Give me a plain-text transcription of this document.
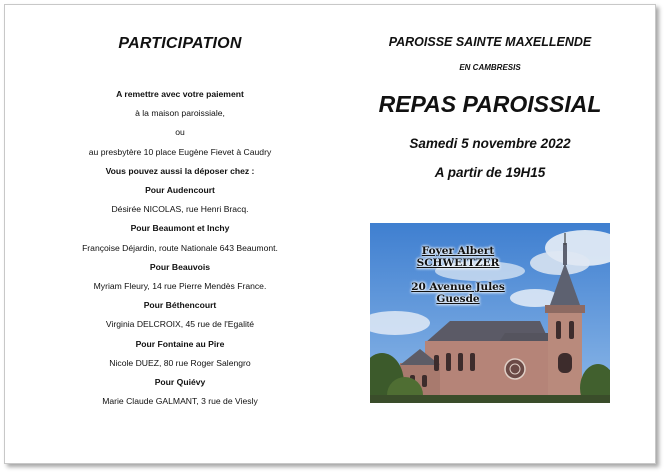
PARTICIPATION
A remettre avec votre paiement
à la maison paroissiale,
ou
au presbytère 10 place Eugène Fievet à Caudry
Vous pouvez aussi la déposer chez :
Pour Audencourt
Désirée NICOLAS, rue Henri Bracq.
Pour Beaumont et Inchy
Françoise Déjardin, route Nationale 643 Beaumont.
Pour Beauvois
Myriam Fleury, 14 rue Pierre Mendès France.
Pour Béthencourt
Virginia DELCROIX, 45 rue de l'Egalité
Pour Fontaine au Pire
Nicole DUEZ, 80 rue Roger Salengro
Pour Quiévy
Marie Claude GALMANT, 3 rue de Viesly
PAROISSE SAINTE MAXELLENDE
EN CAMBRESIS
REPAS PAROISSIAL
Samedi 5 novembre 2022
A partir de 19H15
Foyer Albert SCHWEITZER
20 Avenue Jules Guesde
